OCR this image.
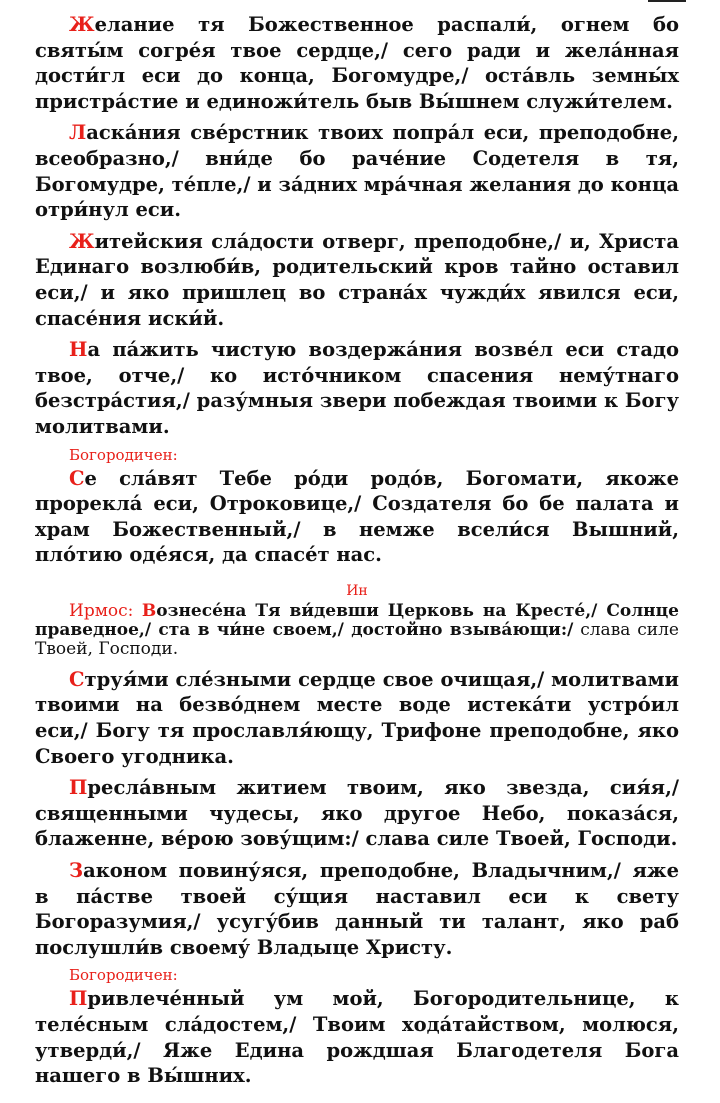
Желание тя Божественное распали́, огнем бо святы́м согре́я твое сердце,/ сего ради и жела́нная дости́гл еси до конца, Богомудре,/ оста́вль земны́х пристра́стие и единожи́тель быв Вы́шнем служи́телем.

Ласка́ния све́рстник твоих попра́л еси, преподобне, всеобразно,/ вни́де бо раче́ние Содетеля в тя, Богомудре, те́пле,/ и за́дних мра́чная желания до конца отри́нул еси.

Житейския сла́дости отверг, преподобне,/ и, Христа Единаго возлюби́в, родительский кров тайно оставил еси,/ и яко пришлец во страна́х чужди́х явился еси, спасе́ния иски́й.

На па́жить чистую воздержа́ния возве́л еси стадо твое, отче,/ ко исто́чником спасения нему́тнаго безстра́стия,/ разу́мныя звери побеждая твоими к Богу молитвами.

Богородичен:

Се сла́вят Тебе ро́ди родо́в, Богомати, якоже прорекла́ еси, Отроковице,/ Создателя бо бе палата и храм Божественный,/ в немже всели́ся Вышний, пло́тию оде́яся, да спасе́т нас.

Ин

Ирмос: Вознесе́на Тя ви́девши Церковь на Кресте́,/ Солнце праведное,/ ста в чи́не своем,/ достойно взыва́ющи:/ слава силе Твоей, Господи.

Струя́ми сле́зными сердце свое очищая,/ молитвами твоими на безво́днем месте воде истека́ти устро́ил еси,/ Богу тя прославля́ющу, Трифоне преподобне, яко Своего угодника.

Пресла́вным житием твоим, яко звезда, сия́я,/ священными чудесы, яко другое Небо, показа́ся, блаженне, ве́рою зову́щим:/ слава силе Твоей, Господи.

Законом повину́яся, преподобне, Владычним,/ яже в па́стве твоей су́щия наставил еси к свету Богоразумия,/ усугу́бив данный ти талант, яко раб послушли́в своему́ Владыце Христу.

Богородичен:

Привлече́нный ум мой, Богородительнице, к теле́сным сла́достем,/ Твоим хода́тайством, молюся, утверди́,/ Яже Едина рождшая Благодетеля Бога нашего в Вы́шних.
